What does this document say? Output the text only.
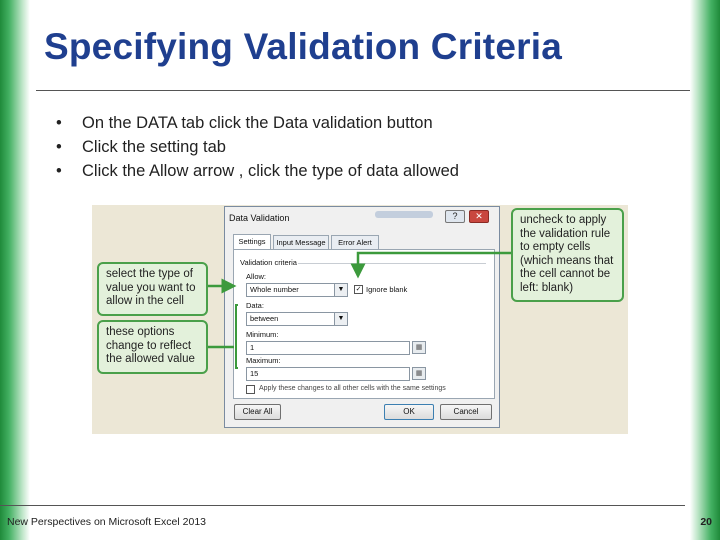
Specifying Validation Criteria
• On the DATA tab click the Data validation button
• Click the setting tab
• Click the Allow arrow , click the type of data allowed
select the type of value you want to allow in the cell
these options change to reflect the allowed value
uncheck to apply the validation rule to empty cells (which means that the cell cannot be left: blank)
Data Validation	?	✕
Settings	Input Message	Error Alert
Validation criteria
Allow:
Whole number	▼	✓ Ignore blank
Data:
between	▼
Minimum:
1	▦
Maximum:
15	▦
Apply these changes to all other cells with the same settings
Clear All	OK	Cancel
New Perspectives on Microsoft Excel 2013	20
